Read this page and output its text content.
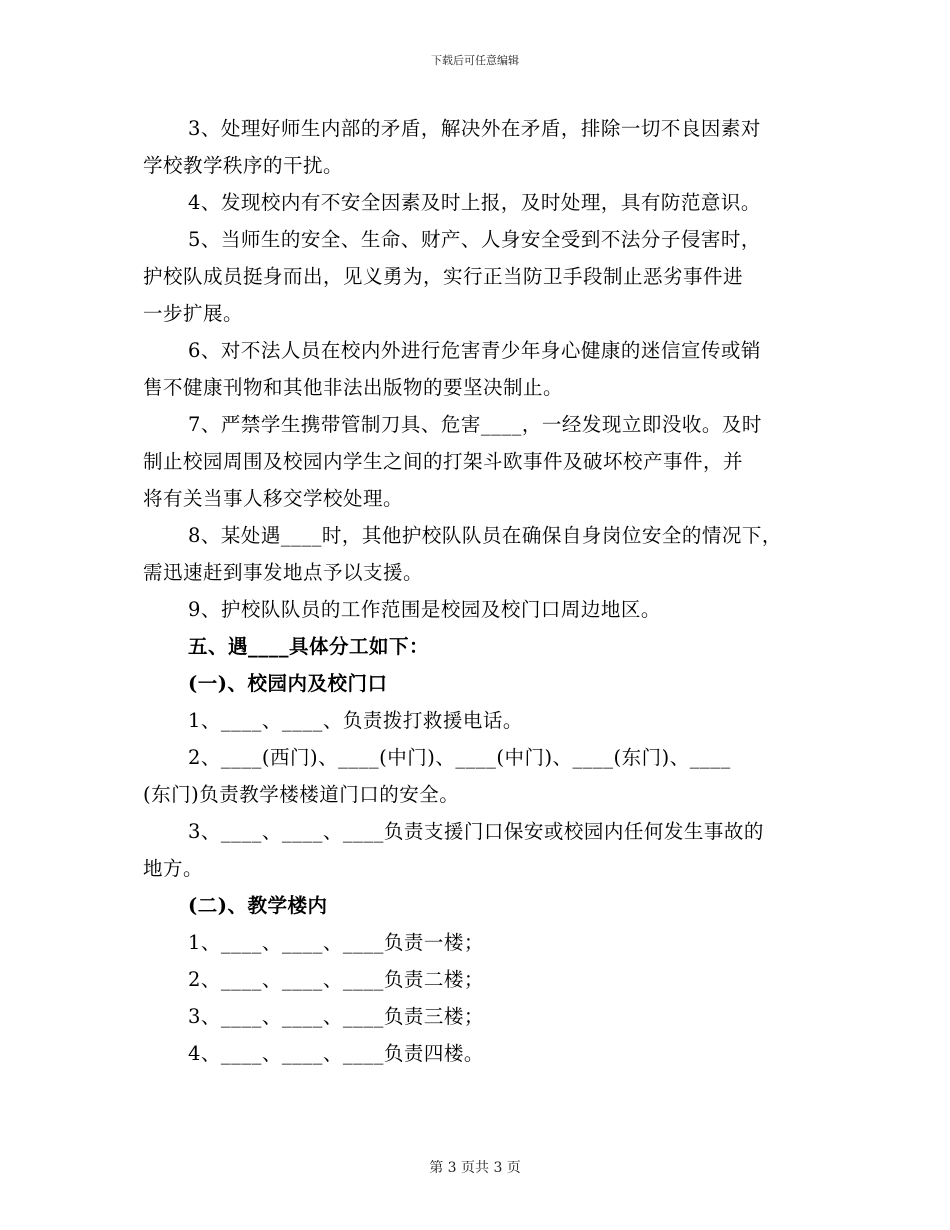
下载后可任意编辑

3、处理好师生内部的矛盾，解决外在矛盾，排除一切不良因素对

学校教学秩序的干扰。

4、发现校内有不安全因素及时上报，及时处理，具有防范意识。

5、当师生的安全、生命、财产、人身安全受到不法分子侵害时，

护校队成员挺身而出，见义勇为，实行正当防卫手段制止恶劣事件进

一步扩展。

6、对不法人员在校内外进行危害青少年身心健康的迷信宣传或销

售不健康刊物和其他非法出版物的要坚决制止。

7、严禁学生携带管制刀具、危害____，一经发现立即没收。及时

制止校园周围及校园内学生之间的打架斗欧事件及破坏校产事件，并

将有关当事人移交学校处理。

8、某处遇____时，其他护校队队员在确保自身岗位安全的情况下，

需迅速赶到事发地点予以支援。

9、护校队队员的工作范围是校园及校门口周边地区。

五、遇____具体分工如下：

(一)、校园内及校门口

1、____、____、负责拨打救援电话。

2、____(西门)、____(中门)、____(中门)、____(东门)、____

(东门)负责教学楼楼道门口的安全。

3、____、____、____负责支援门口保安或校园内任何发生事故的

地方。

(二)、教学楼内

1、____、____、____负责一楼；

2、____、____、____负责二楼；

3、____、____、____负责三楼；

4、____、____、____负责四楼。

第 3 页共 3 页
